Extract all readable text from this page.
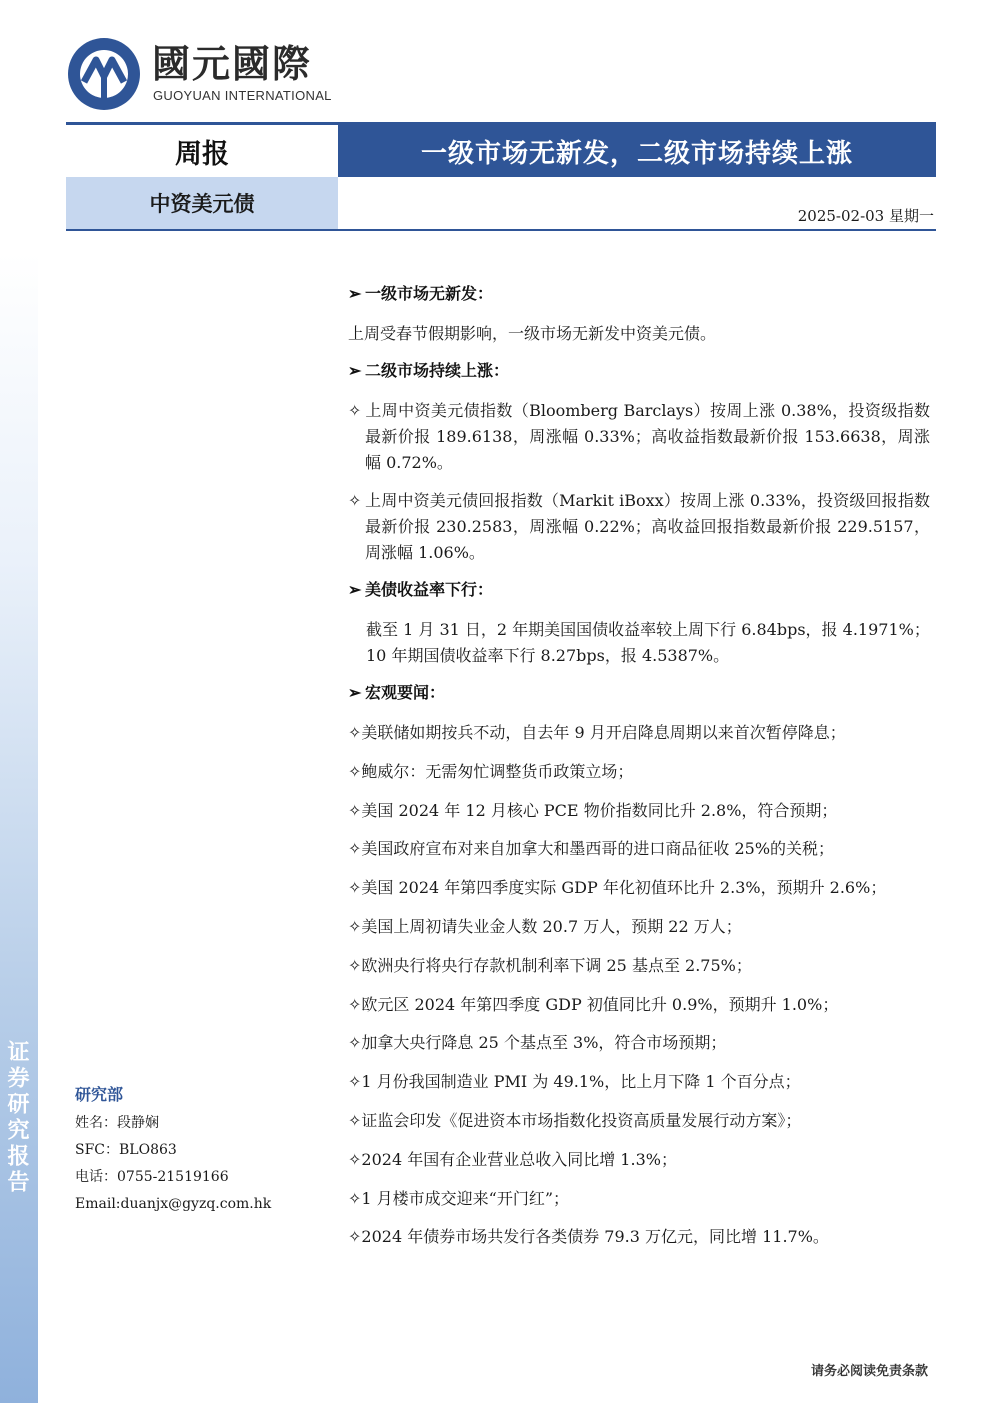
证券研究报告
國元國際
GUOYUAN INTERNATIONAL
周报	一级市场无新发，二级市场持续上涨
中资美元债	2025-02-03 星期一
➢ 一级市场无新发：
上周受春节假期影响，一级市场无新发中资美元债。
➢ 二级市场持续上涨：
✧ 上周中资美元债指数（Bloomberg Barclays）按周上涨 0.38%，投资级指数最新价报 189.6138，周涨幅 0.33%；高收益指数最新价报 153.6638，周涨幅 0.72%。
✧ 上周中资美元债回报指数（Markit iBoxx）按周上涨 0.33%，投资级回报指数最新价报 230.2583，周涨幅 0.22%；高收益回报指数最新价报 229.5157，周涨幅 1.06%。
➢ 美债收益率下行：
截至 1 月 31 日，2 年期美国国债收益率较上周下行 6.84bps，报 4.1971%；10 年期国债收益率下行 8.27bps，报 4.5387%。
➢ 宏观要闻：
✧美联储如期按兵不动，自去年 9 月开启降息周期以来首次暂停降息；
✧鲍威尔：无需匆忙调整货币政策立场；
✧美国 2024 年 12 月核心 PCE 物价指数同比升 2.8%，符合预期；
✧美国政府宣布对来自加拿大和墨西哥的进口商品征收 25%的关税；
✧美国 2024 年第四季度实际 GDP 年化初值环比升 2.3%，预期升 2.6%；
✧美国上周初请失业金人数 20.7 万人，预期 22 万人；
✧欧洲央行将央行存款机制利率下调 25 基点至 2.75%；
✧欧元区 2024 年第四季度 GDP 初值同比升 0.9%，预期升 1.0%；
✧加拿大央行降息 25 个基点至 3%，符合市场预期；
✧1 月份我国制造业 PMI 为 49.1%，比上月下降 1 个百分点；
✧证监会印发《促进资本市场指数化投资高质量发展行动方案》；
✧2024 年国有企业营业总收入同比增 1.3%；
✧1 月楼市成交迎来“开门红”；
✧2024 年债券市场共发行各类债券 79.3 万亿元，同比增 11.7%。
研究部
姓名：段静娴
SFC：BLO863
电话：0755-21519166
Email:duanjx@gyzq.com.hk
请务必阅读免责条款
